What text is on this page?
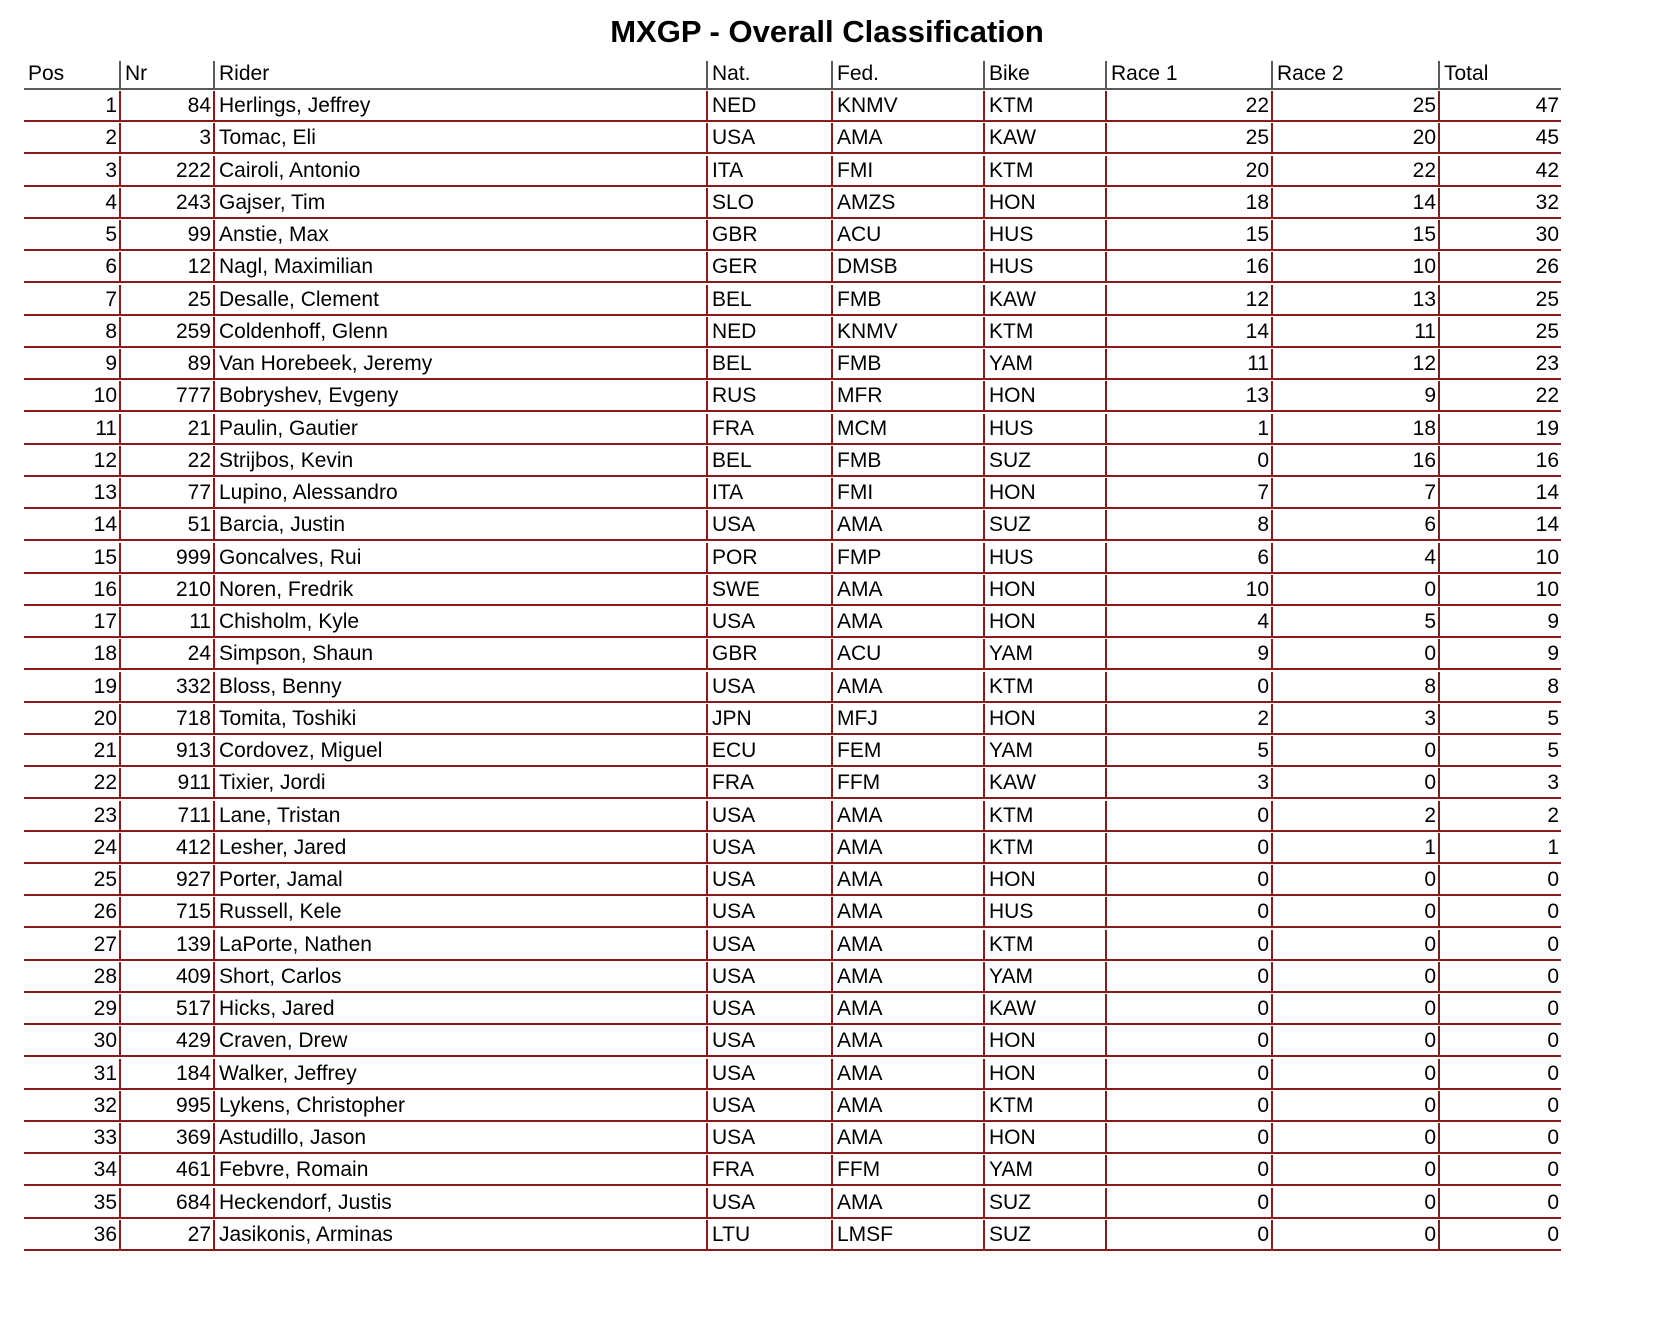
MXGP - Overall Classification
Pos	Nr	Rider	Nat.	Fed.	Bike	Race 1	Race 2	Total
1	84 Herlings, Jeffrey	NED	KNMV	KTM	22	25	47
2	3 Tomac, Eli	USA	AMA	KAW	25	20	45
3	222 Cairoli, Antonio	ITA	FMI	KTM	20	22	42
4	243 Gajser, Tim	SLO	AMZS	HON	18	14	32
5	99 Anstie, Max	GBR	ACU	HUS	15	15	30
6	12 Nagl, Maximilian	GER	DMSB	HUS	16	10	26
7	25 Desalle, Clement	BEL	FMB	KAW	12	13	25
8	259 Coldenhoff, Glenn	NED	KNMV	KTM	14	11	25
9	89 Van Horebeek, Jeremy	BEL	FMB	YAM	11	12	23
10	777 Bobryshev, Evgeny	RUS	MFR	HON	13	9	22
11	21 Paulin, Gautier	FRA	MCM	HUS	1	18	19
12	22 Strijbos, Kevin	BEL	FMB	SUZ	0	16	16
13	77 Lupino, Alessandro	ITA	FMI	HON	7	7	14
14	51 Barcia, Justin	USA	AMA	SUZ	8	6	14
15	999 Goncalves, Rui	POR	FMP	HUS	6	4	10
16	210 Noren, Fredrik	SWE	AMA	HON	10	0	10
17	11 Chisholm, Kyle	USA	AMA	HON	4	5	9
18	24 Simpson, Shaun	GBR	ACU	YAM	9	0	9
19	332 Bloss, Benny	USA	AMA	KTM	0	8	8
20	718 Tomita, Toshiki	JPN	MFJ	HON	2	3	5
21	913 Cordovez, Miguel	ECU	FEM	YAM	5	0	5
22	911 Tixier, Jordi	FRA	FFM	KAW	3	0	3
23	711 Lane, Tristan	USA	AMA	KTM	0	2	2
24	412 Lesher, Jared	USA	AMA	KTM	0	1	1
25	927 Porter, Jamal	USA	AMA	HON	0	0	0
26	715 Russell, Kele	USA	AMA	HUS	0	0	0
27	139 LaPorte, Nathen	USA	AMA	KTM	0	0	0
28	409 Short, Carlos	USA	AMA	YAM	0	0	0
29	517 Hicks, Jared	USA	AMA	KAW	0	0	0
30	429 Craven, Drew	USA	AMA	HON	0	0	0
31	184 Walker, Jeffrey	USA	AMA	HON	0	0	0
32	995 Lykens, Christopher	USA	AMA	KTM	0	0	0
33	369 Astudillo, Jason	USA	AMA	HON	0	0	0
34	461 Febvre, Romain	FRA	FFM	YAM	0	0	0
35	684 Heckendorf, Justis	USA	AMA	SUZ	0	0	0
36	27 Jasikonis, Arminas	LTU	LMSF	SUZ	0	0	0
